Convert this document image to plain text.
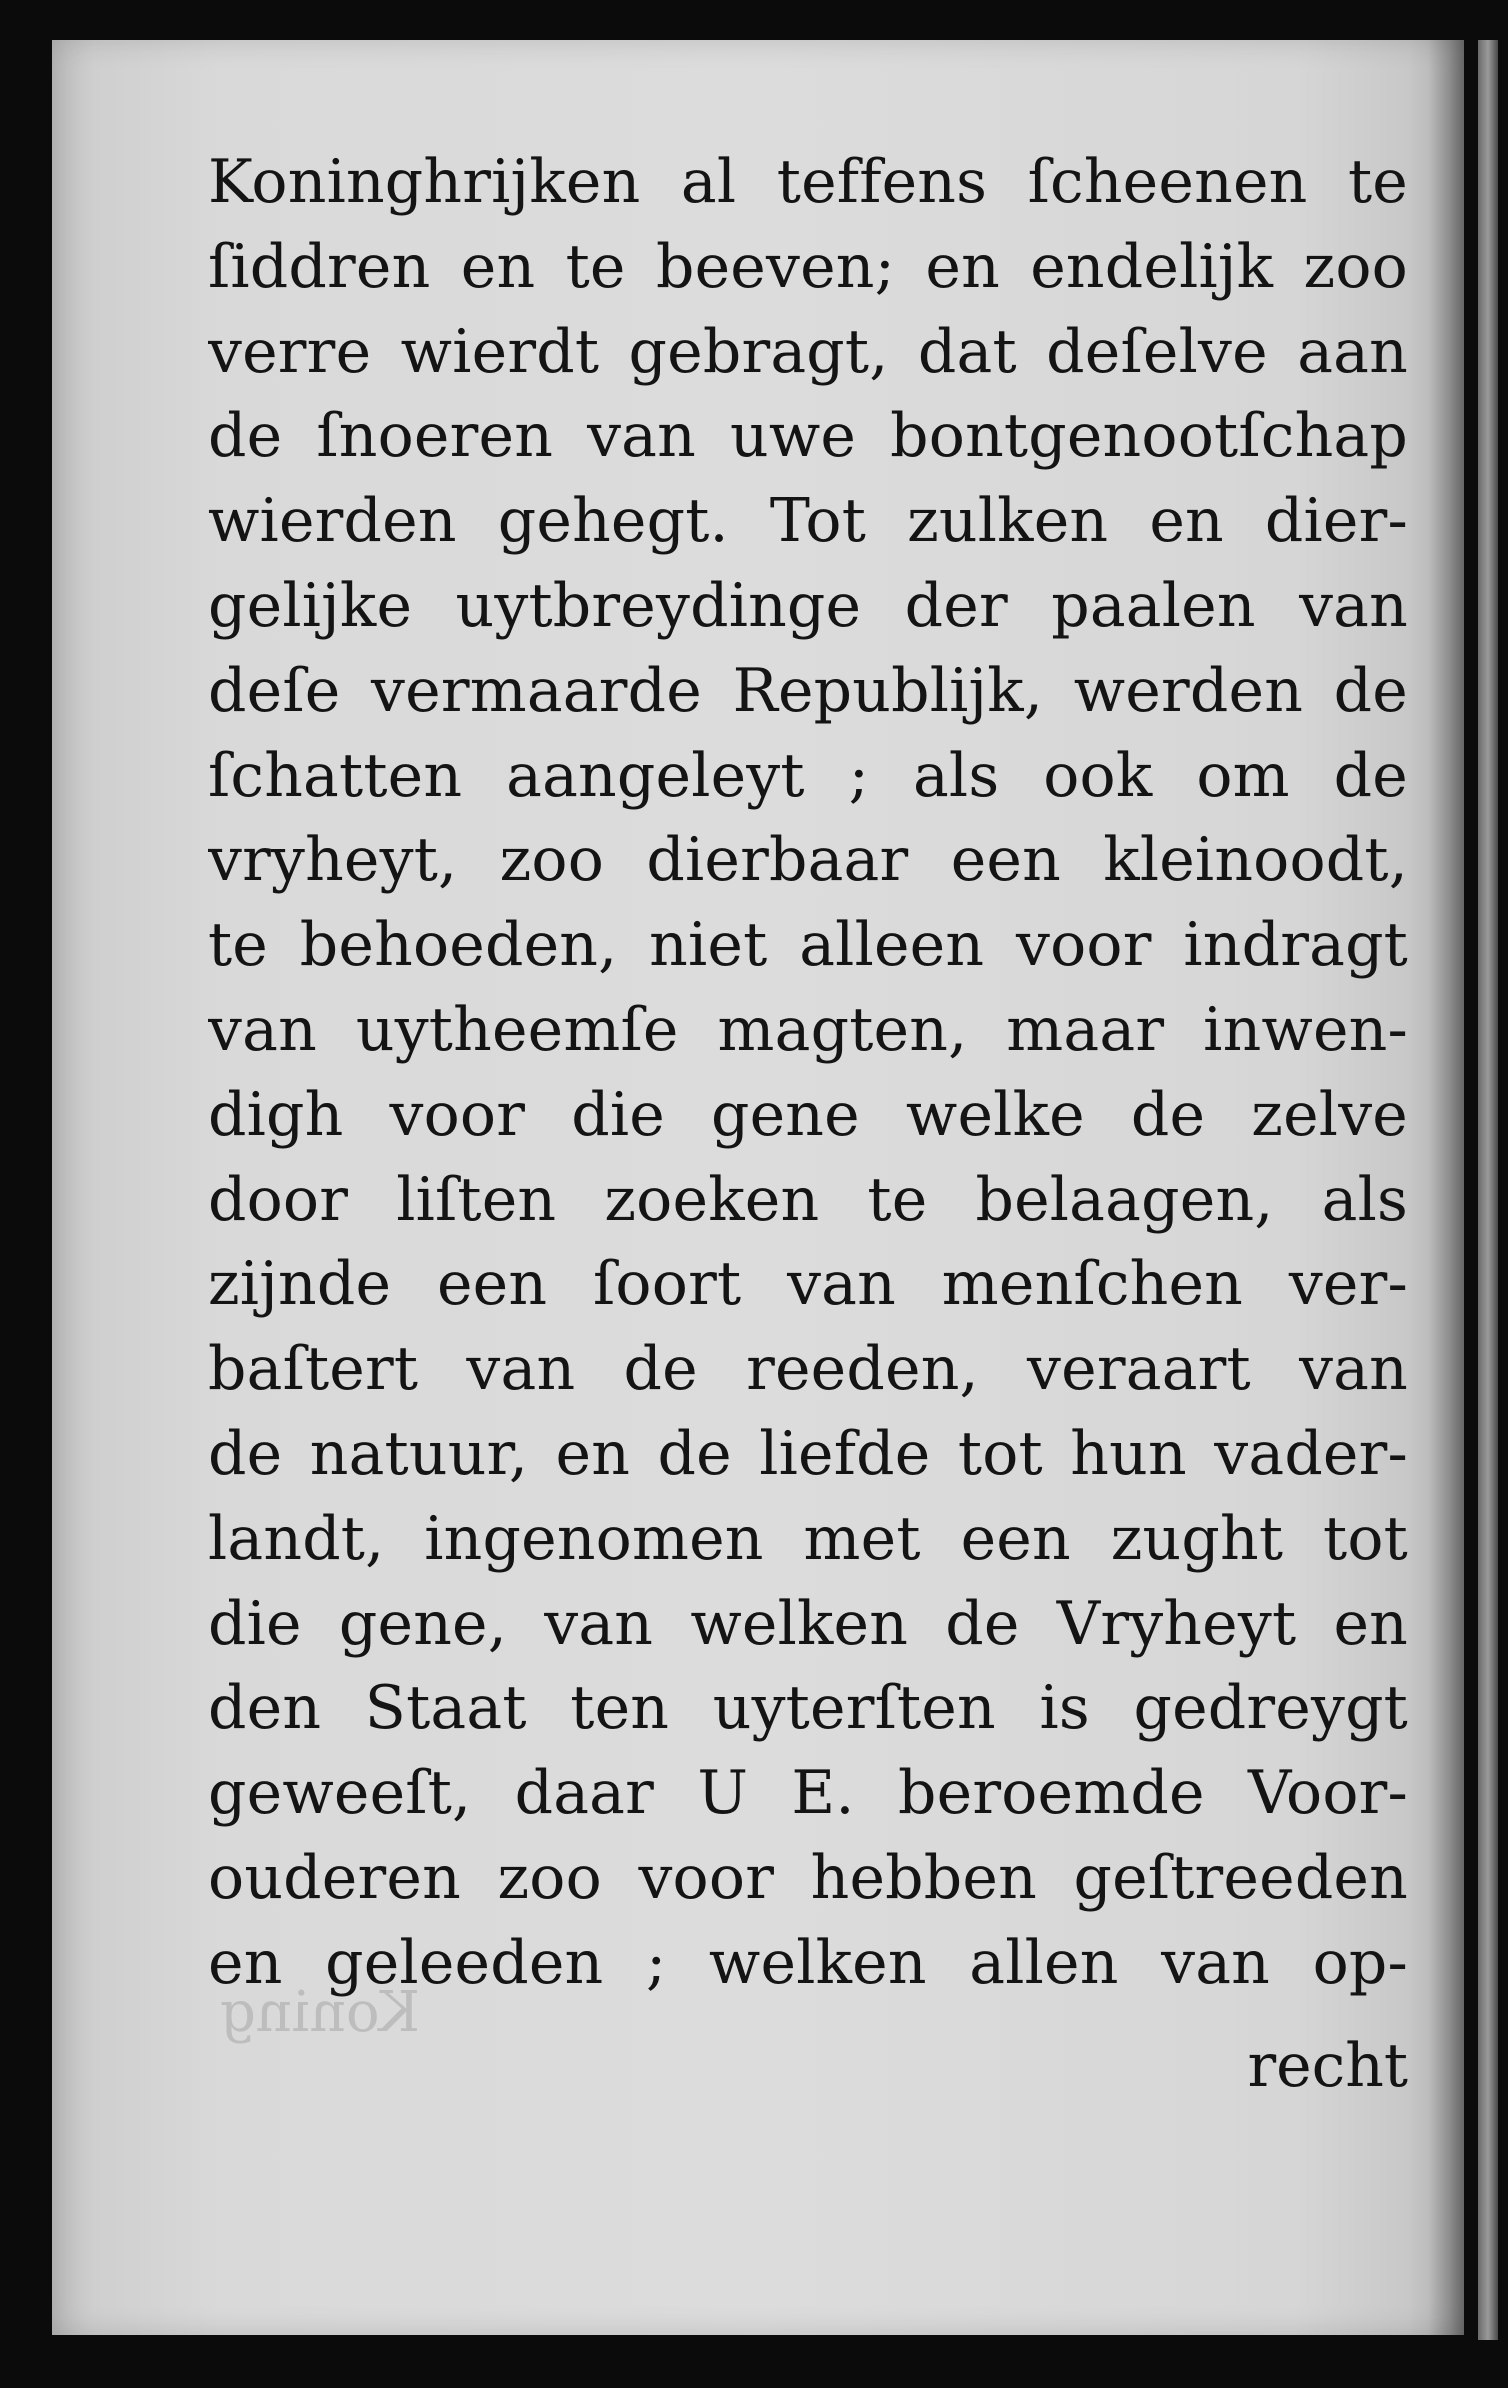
Koning
Koninghrijken al teffens ſcheenen te
ſiddren en te beeven; en endelijk zoo
verre wierdt gebragt, dat deſelve aan
de ſnoeren van uwe bontgenootſchap
wierden gehegt. Tot zulken en dier-
gelijke uytbreydinge der paalen van
deſe vermaarde Republijk, werden de
ſchatten aangeleyt ; als ook om de
vryheyt, zoo dierbaar een kleinoodt,
te behoeden, niet alleen voor indragt
van uytheemſe magten, maar inwen-
digh voor die gene welke de zelve
door liſten zoeken te belaagen, als
zijnde een ſoort van menſchen ver-
baſtert van de reeden, veraart van
de natuur, en de liefde tot hun vader-
landt, ingenomen met een zught tot
die gene, van welken de Vryheyt en
den Staat ten uyterſten is gedreygt
geweeſt, daar U E. beroemde Voor-
ouderen zoo voor hebben geſtreeden
en geleeden ; welken allen van op-
recht
